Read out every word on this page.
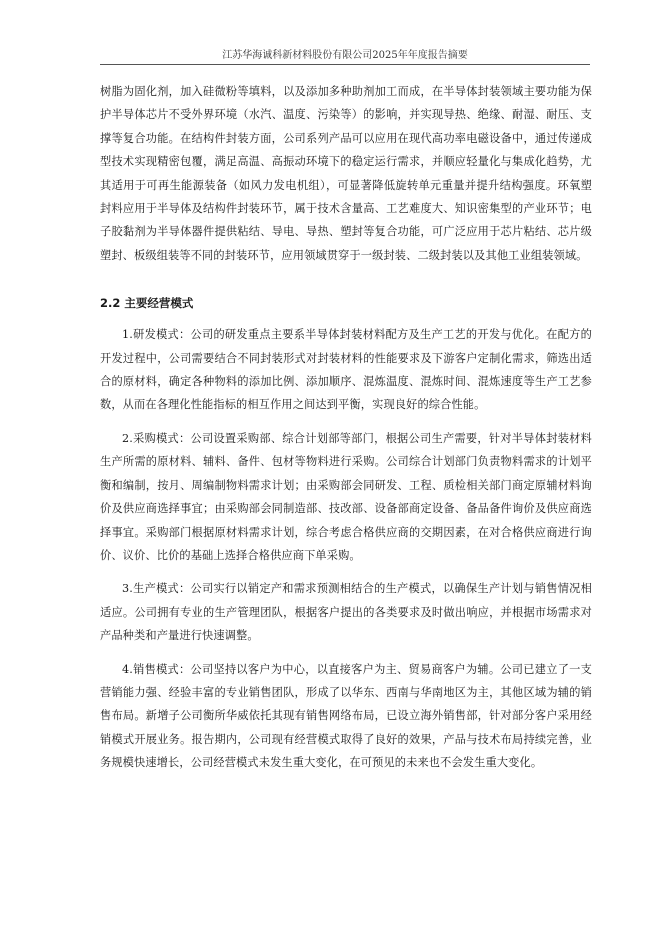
江苏华海诚科新材料股份有限公司2025年年度报告摘要

树脂为固化剂，加入硅微粉等填料，以及添加多种助剂加工而成，在半导体封装领域主要功能为保护半导体芯片不受外界环境（水汽、温度、污染等）的影响，并实现导热、绝缘、耐湿、耐压、支撑等复合功能。在结构件封装方面，公司系列产品可以应用在现代高功率电磁设备中，通过传递成型技术实现精密包覆，满足高温、高振动环境下的稳定运行需求，并顺应轻量化与集成化趋势，尤其适用于可再生能源装备（如风力发电机组），可显著降低旋转单元重量并提升结构强度。环氧塑封料应用于半导体及结构件封装环节，属于技术含量高、工艺难度大、知识密集型的产业环节；电子胶黏剂为半导体器件提供粘结、导电、导热、塑封等复合功能，可广泛应用于芯片粘结、芯片级塑封、板级组装等不同的封装环节，应用领域贯穿于一级封装、二级封装以及其他工业组装领域。

2.2 主要经营模式

1.研发模式：公司的研发重点主要系半导体封装材料配方及生产工艺的开发与优化。在配方的开发过程中，公司需要结合不同封装形式对封装材料的性能要求及下游客户定制化需求，筛选出适合的原材料，确定各种物料的添加比例、添加顺序、混炼温度、混炼时间、混炼速度等生产工艺参数，从而在各理化性能指标的相互作用之间达到平衡，实现良好的综合性能。

2.采购模式：公司设置采购部、综合计划部等部门，根据公司生产需要，针对半导体封装材料生产所需的原材料、辅料、备件、包材等物料进行采购。公司综合计划部门负责物料需求的计划平衡和编制，按月、周编制物料需求计划；由采购部会同研发、工程、质检相关部门商定原辅材料询价及供应商选择事宜；由采购部会同制造部、技改部、设备部商定设备、备品备件询价及供应商选择事宜。采购部门根据原材料需求计划，综合考虑合格供应商的交期因素，在对合格供应商进行询价、议价、比价的基础上选择合格供应商下单采购。

3.生产模式：公司实行以销定产和需求预测相结合的生产模式，以确保生产计划与销售情况相适应。公司拥有专业的生产管理团队，根据客户提出的各类要求及时做出响应，并根据市场需求对产品种类和产量进行快速调整。

4.销售模式：公司坚持以客户为中心，以直接客户为主、贸易商客户为辅。公司已建立了一支营销能力强、经验丰富的专业销售团队，形成了以华东、西南与华南地区为主，其他区域为辅的销售布局。新增子公司衡所华威依托其现有销售网络布局，已设立海外销售部，针对部分客户采用经销模式开展业务。报告期内，公司现有经营模式取得了良好的效果，产品与技术布局持续完善，业务规模快速增长，公司经营模式未发生重大变化，在可预见的未来也不会发生重大变化。
